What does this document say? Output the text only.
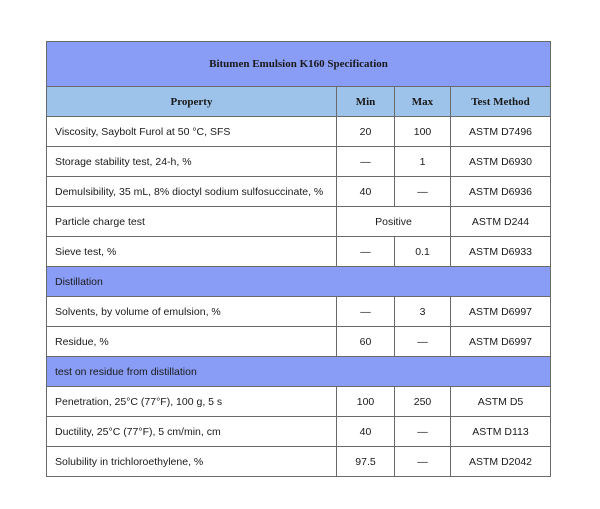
Bitumen Emulsion K160 Specification			
Property	Min	Max	Test Method
Viscosity, Saybolt Furol at 50 °C, SFS	20	100	ASTM D7496
Storage stability test, 24-h, %	—	1	ASTM D6930
Demulsibility, 35 mL, 8% dioctyl sodium sulfosuccinate, %	40	—	ASTM D6936
Particle charge test	Positive		ASTM D244
Sieve test, %	—	0.1	ASTM D6933
Distillation			
Solvents, by volume of emulsion, %	—	3	ASTM D6997
Residue, %	60	—	ASTM D6997
test on residue from distillation			
Penetration, 25°C (77°F), 100 g, 5 s	100	250	ASTM D5
Ductility, 25°C (77°F), 5 cm/min, cm	40	—	ASTM D113
Solubility in trichloroethylene, %	97.5	—	ASTM D2042
